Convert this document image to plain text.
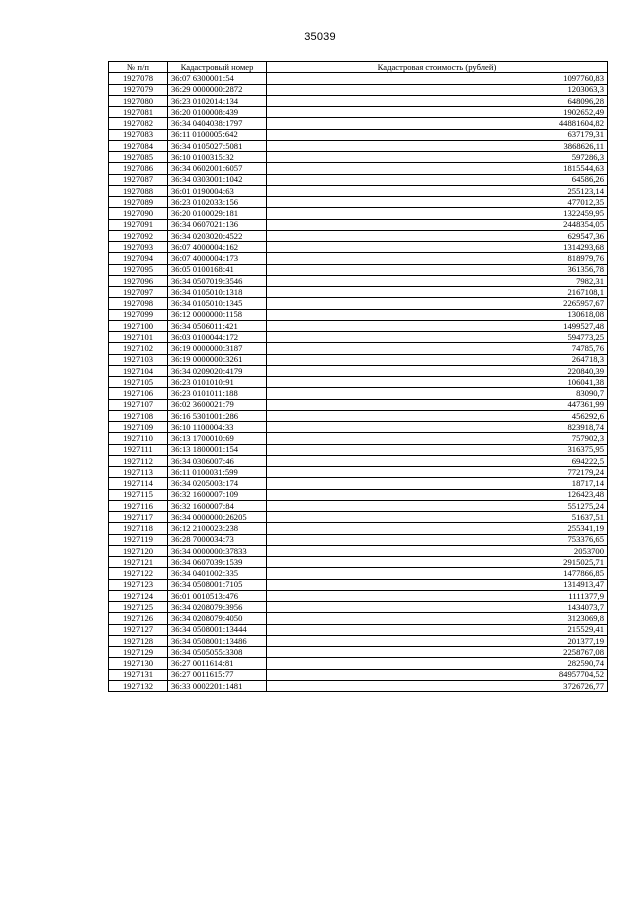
35039
№ п/п	Кадастровый номер	Кадастровая стоимость (рублей)
1927078	36:07 6300001:54	1097760,83
1927079	36:29 0000000:2872	1203063,3
1927080	36:23 0102014:134	648096,28
1927081	36:20 0100008:439	1902652,49
1927082	36:34 0404038:1797	44881604,82
1927083	36:11 0100005:642	637179,31
1927084	36:34 0105027:5081	3868626,11
1927085	36:10 0100315:32	597286,3
1927086	36:34 0602001:6057	1815544,63
1927087	36:34 0303001:1042	64586,26
1927088	36:01 0190004:63	255123,14
1927089	36:23 0102033:156	477012,35
1927090	36:20 0100029:181	1322459,95
1927091	36:34 0607021:136	2448354,05
1927092	36:34 0203020:4522	629547,36
1927093	36:07 4000004:162	1314293,68
1927094	36:07 4000004:173	818979,76
1927095	36:05 0100168:41	361356,78
1927096	36:34 0507019:3546	7982,31
1927097	36:34 0105010:1318	2167108,1
1927098	36:34 0105010:1345	2265957,67
1927099	36:12 0000000:1158	130618,08
1927100	36:34 0506011:421	1499527,48
1927101	36:03 0100044:172	594773,25
1927102	36:19 0000000:3187	74785,76
1927103	36:19 0000000:3261	264718,3
1927104	36:34 0209020:4179	220840,39
1927105	36:23 0101010:91	106041,38
1927106	36:23 0101011:188	83090,7
1927107	36:02 3600021:79	447361,99
1927108	36:16 5301001:286	456292,6
1927109	36:10 1100004:33	823918,74
1927110	36:13 1700010:69	757902,3
1927111	36:13 1800001:154	316375,95
1927112	36:34 0306007:46	694222,5
1927113	36:11 0100031:599	772179,24
1927114	36:34 0205003:174	18717,14
1927115	36:32 1600007:109	126423,48
1927116	36:32 1600007:84	551275,24
1927117	36:34 0000000:26205	51637,51
1927118	36:12 2100023:238	255341,19
1927119	36:28 7000034:73	753376,65
1927120	36:34 0000000:37833	2053700
1927121	36:34 0607039:1539	2915025,71
1927122	36:34 0401002:335	1477866,85
1927123	36:34 0508001:7105	1314913,47
1927124	36:01 0010513:476	1111377,9
1927125	36:34 0208079:3956	1434073,7
1927126	36:34 0208079:4050	3123069,8
1927127	36:34 0508001:13444	215529,41
1927128	36:34 0508001:13486	201377,19
1927129	36:34 0505055:3308	2258767,08
1927130	36:27 0011614:81	282590,74
1927131	36:27 0011615:77	84957704,52
1927132	36:33 0002201:1481	3726726,77
